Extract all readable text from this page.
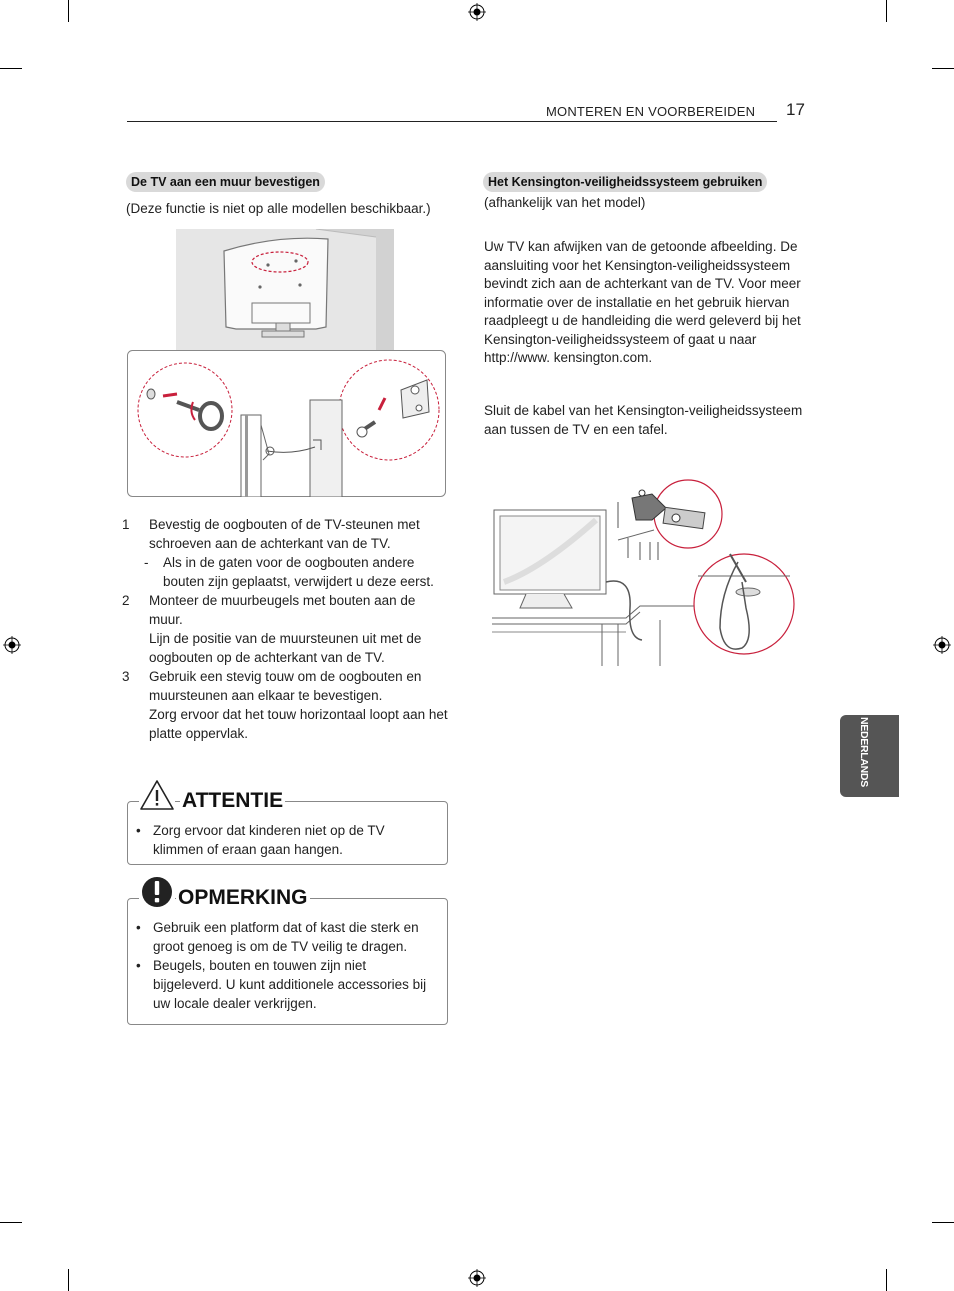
MONTEREN EN VOORBEREIDEN 17
De TV aan een muur bevestigen
(Deze functie is niet op alle modellen beschikbaar.)
1	Bevestig de oogbouten of de TV-steunen met schroeven aan de achterkant van de TV.
-	Als in de gaten voor de oogbouten andere bouten zijn geplaatst, verwijdert u deze eerst.
2	Monteer de muurbeugels met bouten aan de muur.
Lijn de positie van de muursteunen uit met de oogbouten op de achterkant van de TV.
3	Gebruik een stevig touw om de oogbouten en muursteunen aan elkaar te bevestigen.
Zorg ervoor dat het touw horizontaal loopt aan het platte oppervlak.
ATTENTIE
• Zorg ervoor dat kinderen niet op de TV klimmen of eraan gaan hangen.
OPMERKING
• Gebruik een platform dat of kast die sterk en groot genoeg is om de TV veilig te dragen.
• Beugels, bouten en touwen zijn niet bijgeleverd. U kunt additionele accessories bij uw locale dealer verkrijgen.
Het Kensington-veiligheidssysteem gebruiken
(afhankelijk van het model)
Uw TV kan afwijken van de getoonde afbeelding. De aansluiting voor het Kensington-veiligheidssysteem bevindt zich aan de achterkant van de TV. Voor meer informatie over de installatie en het gebruik hiervan raadpleegt u de handleiding die werd geleverd bij het Kensington-veiligheidssysteem of gaat u naar http://www. kensington.com.
Sluit de kabel van het Kensington-veiligheidssysteem aan tussen de TV en een tafel.
NEDERLANDS
